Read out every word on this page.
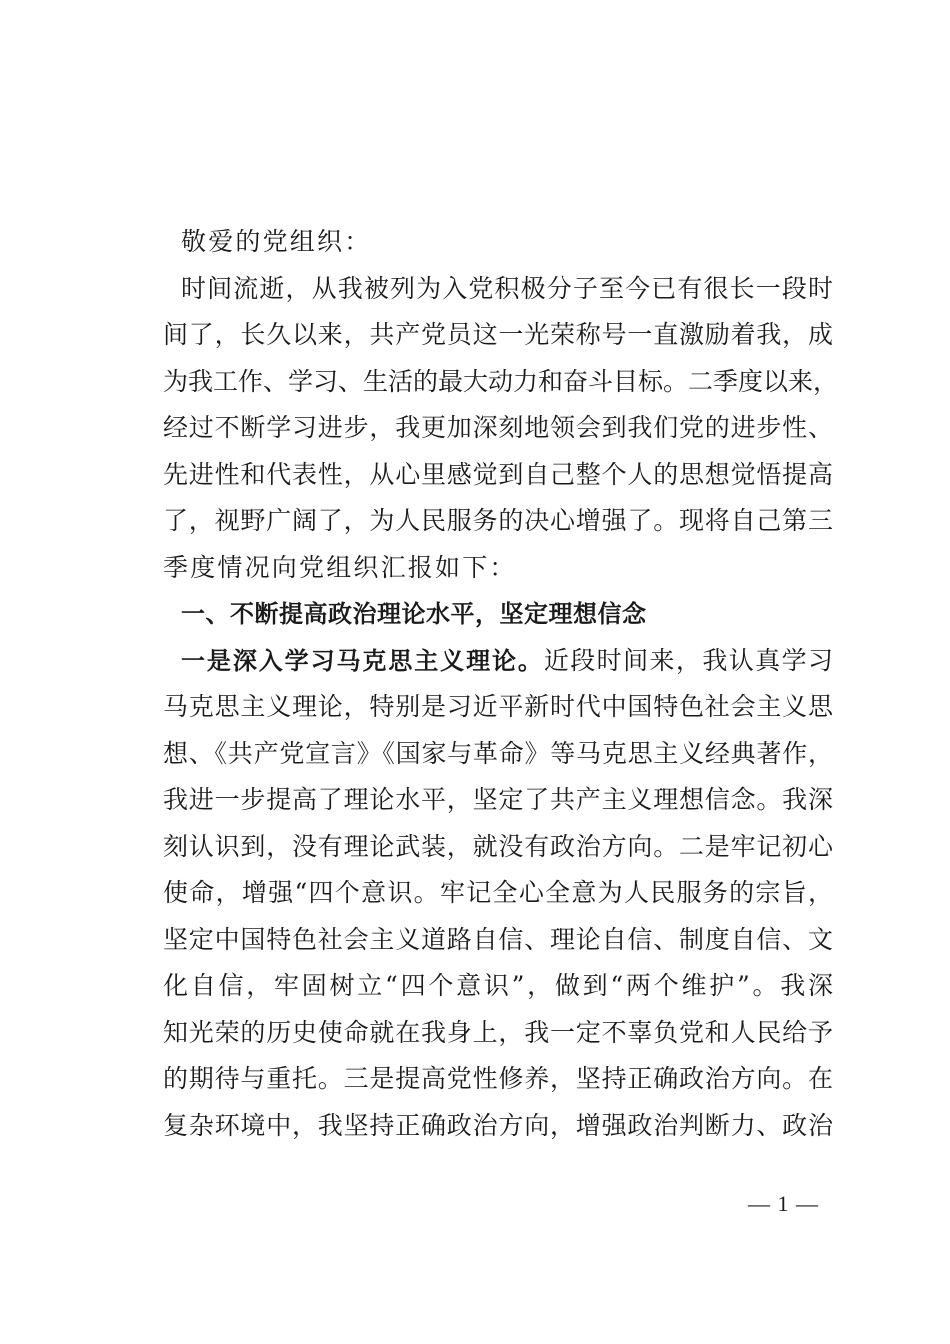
敬爱的党组织：
时间流逝，从我被列为入党积极分子至今已有很长一段时
间了，长久以来，共产党员这一光荣称号一直激励着我，成
为我工作、学习、生活的最大动力和奋斗目标。二季度以来，
经过不断学习进步，我更加深刻地领会到我们党的进步性、
先进性和代表性，从心里感觉到自己整个人的思想觉悟提高
了，视野广阔了，为人民服务的决心增强了。现将自己第三
季度情况向党组织汇报如下：
一、不断提高政治理论水平，坚定理想信念
一是深入学习马克思主义理论。近段时间来，我认真学习
马克思主义理论，特别是习近平新时代中国特色社会主义思
想、《共产党宣言》《国家与革命》等马克思主义经典著作，
我进一步提高了理论水平，坚定了共产主义理想信念。我深
刻认识到，没有理论武装，就没有政治方向。二是牢记初心
使命，增强“四个意识。牢记全心全意为人民服务的宗旨，
坚定中国特色社会主义道路自信、理论自信、制度自信、文
化自信，牢固树立“四个意识”，做到“两个维护”。我深
知光荣的历史使命就在我身上，我一定不辜负党和人民给予
的期待与重托。三是提高党性修养，坚持正确政治方向。在
复杂环境中，我坚持正确政治方向，增强政治判断力、政治
— 1 —
